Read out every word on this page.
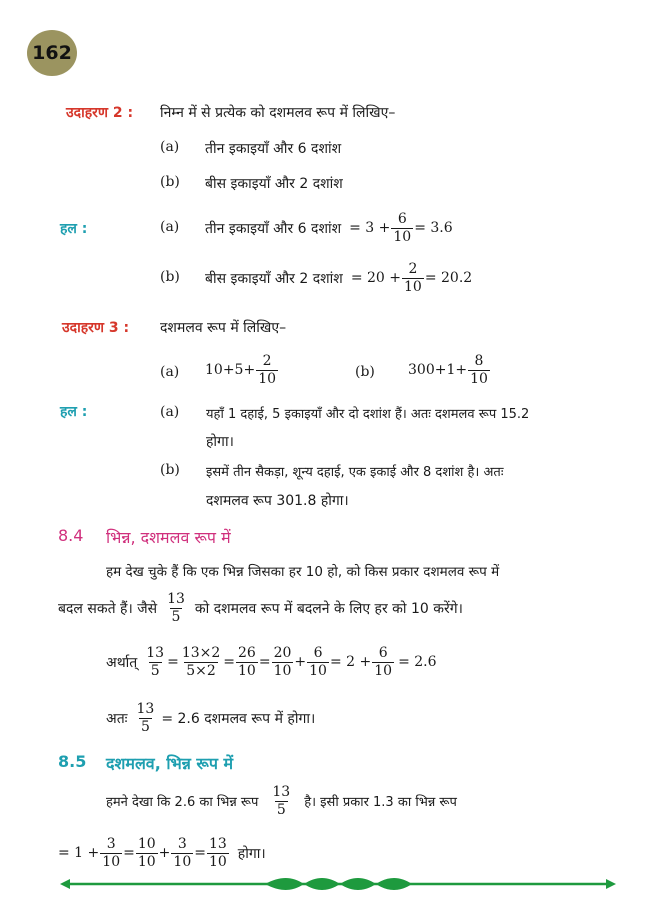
162
उदाहरण 2 : निम्न में से प्रत्येक को दशमलव रूप में लिखिए–
(a) तीन इकाइयाँ और 6 दशांश
(b) बीस इकाइयाँ और 2 दशांश
हल :	(a) तीन इकाइयाँ और 6 दशांश = $3 + \frac{6}{10} = 3.6$
(b) बीस इकाइयाँ और 2 दशांश = $20 + \frac{2}{10} = 20.2$
उदाहरण 3 : दशमलव रूप में लिखिए–
(a) $10+5+ \frac{2}{10}$	(b) $300+1+ \frac{8}{10}$
हल :	(a) यहाँ 1 दहाई, 5 इकाइयाँ और दो दशांश हैं। अतः दशमलव रूप 15.2
होगा।
(b) इसमें तीन सैकड़ा, शून्य दहाई, एक इकाई और 8 दशांश है। अतः
दशमलव रूप 301.8 होगा।
8.4 भिन्न, दशमलव रूप में
हम देख चुके हैं कि एक भिन्न जिसका हर 10 हो, को किस प्रकार दशमलव रूप में
बदल सकते हैं। जैसे $\frac{13}{5}$ को दशमलव रूप में बदलने के लिए हर को 10 करेंगे।
अर्थात् $\frac{13}{5} = \frac{13\times 2}{5\times 2} = \frac{26}{10} = \frac{20}{10} + \frac{6}{10} = 2 + \frac{6}{10} = 2.6$
अतः $\frac{13}{5} = 2.6$ दशमलव रूप में होगा।
8.5 दशमलव, भिन्न रूप में
हमने देखा कि 2.6 का भिन्न रूप $\frac{13}{5}$ है। इसी प्रकार 1.3 का भिन्न रूप
= $1 + \frac{3}{10} = \frac{10}{10} + \frac{3}{10} = \frac{13}{10}$ होगा।
